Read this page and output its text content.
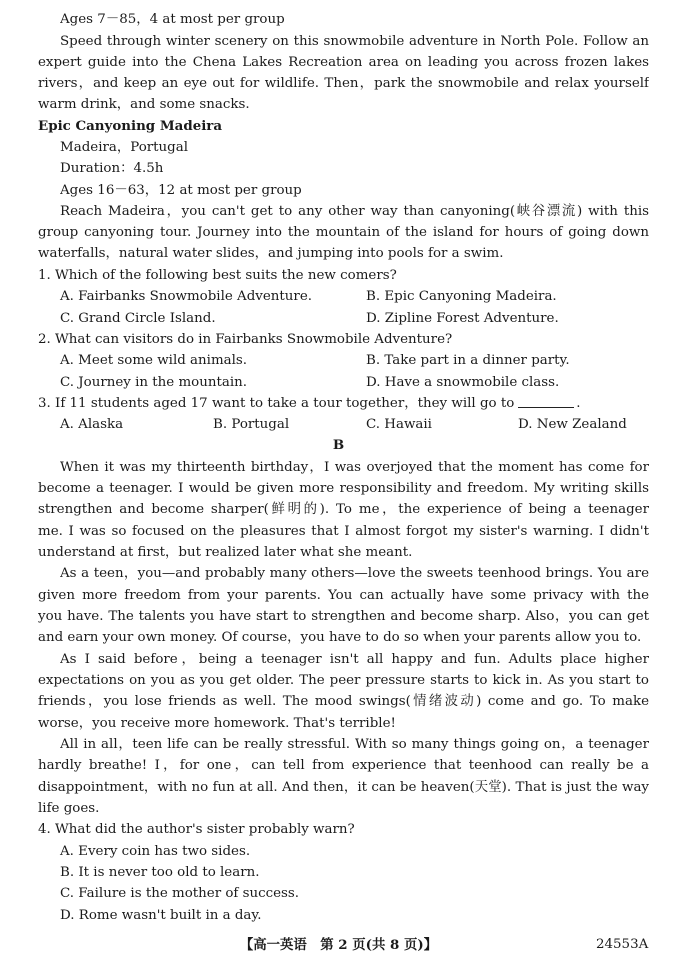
Ages 7－85，4 at most per group
Speed through winter scenery on this snowmobile adventure in North Pole. Follow an
expert guide into the Chena Lakes Recreation area on leading you across frozen lakes
rivers，and keep an eye out for wildlife. Then，park the snowmobile and relax yourself
warm drink，and some snacks.
Epic Canyoning Madeira
Madeira，Portugal
Duration：4.5h
Ages 16－63，12 at most per group
Reach Madeira，you can't get to any other way than canyoning(峡谷漂流) with this
group canyoning tour. Journey into the mountain of the island for hours of going down
waterfalls，natural water slides，and jumping into pools for a swim.
1. Which of the following best suits the new comers?
A. Fairbanks Snowmobile Adventure.	B. Epic Canyoning Madeira.
C. Grand Circle Island.	D. Zipline Forest Adventure.
2. What can visitors do in Fairbanks Snowmobile Adventure?
A. Meet some wild animals.	B. Take part in a dinner party.
C. Journey in the mountain.	D. Have a snowmobile class.
3. If 11 students aged 17 want to take a tour together，they will go to	.
A. Alaska	B. Portugal	C. Hawaii	D. New Zealand
B
When it was my thirteenth birthday，I was overjoyed that the moment has come for
become a teenager. I would be given more responsibility and freedom. My writing skills
strengthen and become sharper(鲜明的). To me，the experience of being a teenager
me. I was so focused on the pleasures that I almost forgot my sister's warning. I didn't
understand at first，but realized later what she meant.
As a teen，you—and probably many others—love the sweets teenhood brings. You are
given more freedom from your parents. You can actually have some privacy with the
you have. The talents you have start to strengthen and become sharp. Also，you can get
and earn your own money. Of course，you have to do so when your parents allow you to.
As I said before，being a teenager isn't all happy and fun. Adults place higher
expectations on you as you get older. The peer pressure starts to kick in. As you start to
friends，you lose friends as well. The mood swings(情绪波动) come and go. To make
worse，you receive more homework. That's terrible!
All in all，teen life can be really stressful. With so many things going on，a teenager
hardly breathe! I，for one，can tell from experience that teenhood can really be a
disappointment，with no fun at all. And then，it can be heaven(天堂). That is just the way
life goes.
4. What did the author's sister probably warn?
A. Every coin has two sides.
B. It is never too old to learn.
C. Failure is the mother of success.
D. Rome wasn't built in a day.
【高一英语　第 2 页(共 8 页)】	24553A
